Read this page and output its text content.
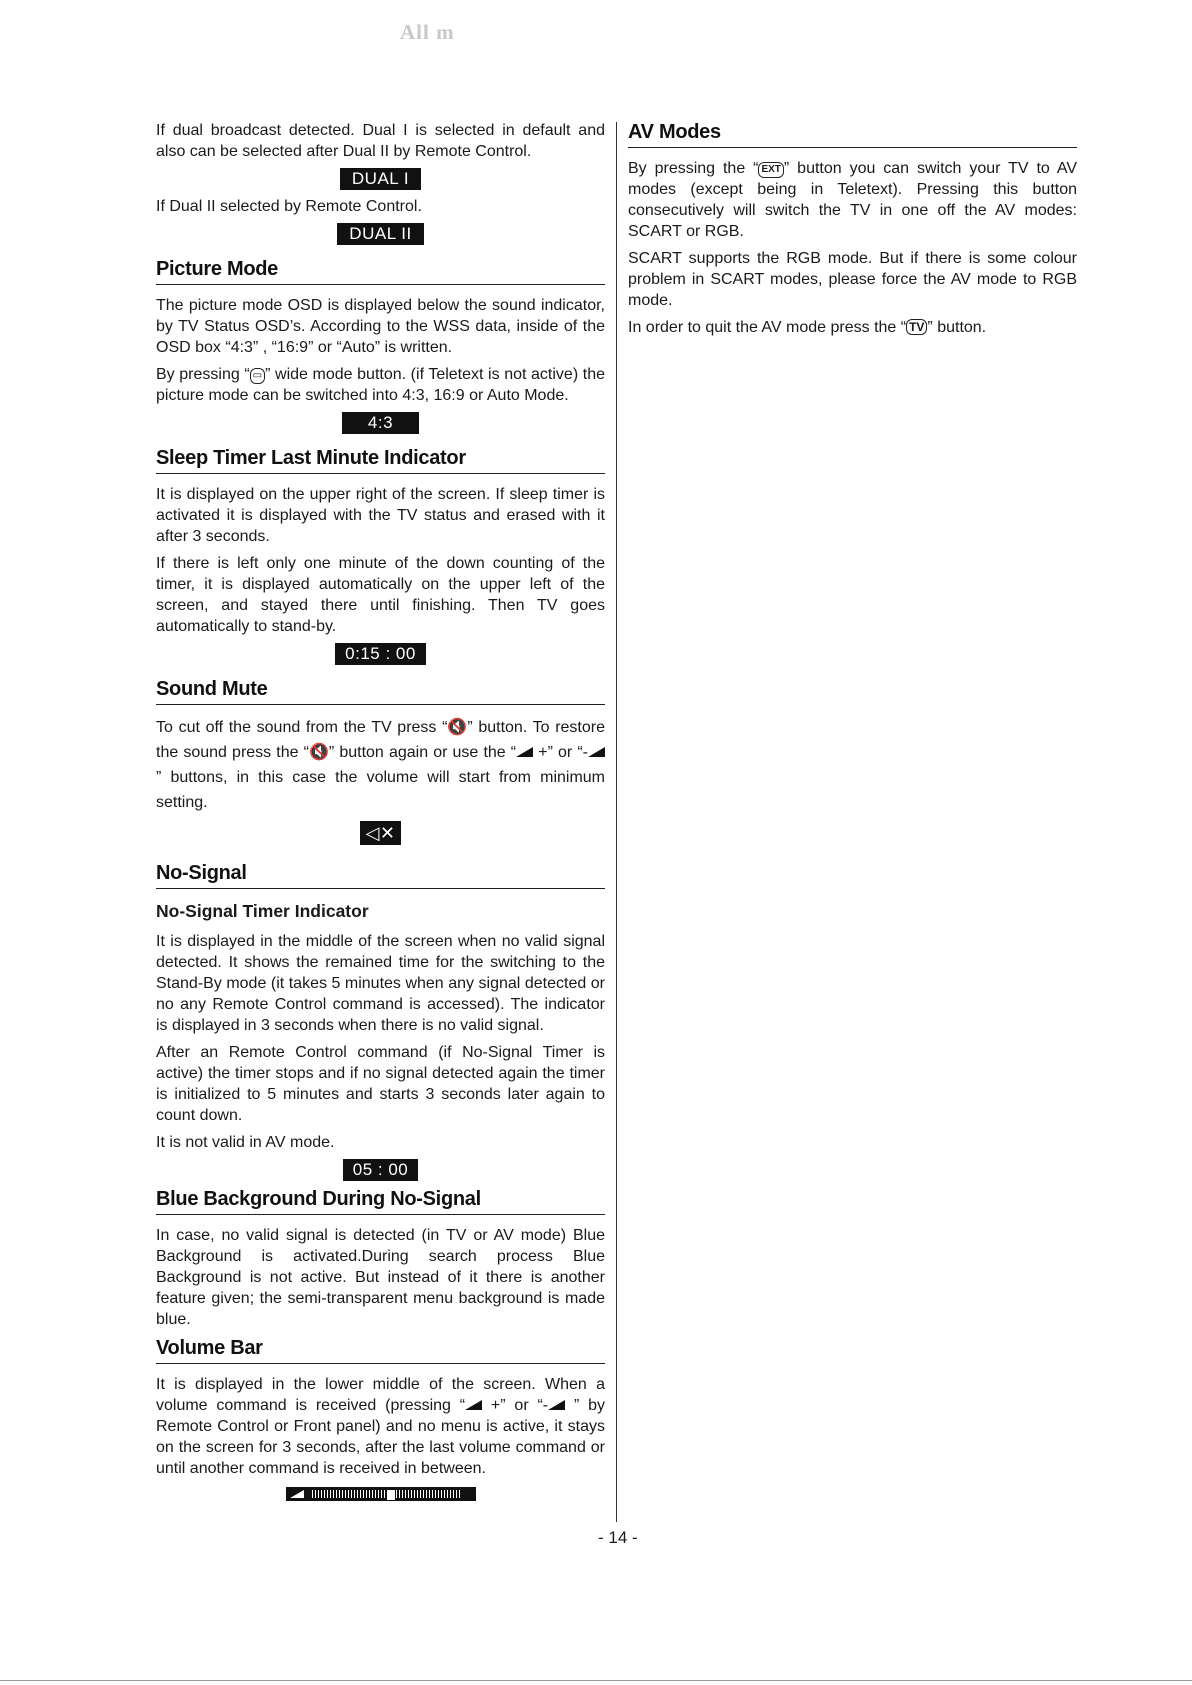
All m

If dual broadcast detected. Dual I is selected in default and also can be selected after Dual II by Remote Control.

DUAL I

If Dual II selected by Remote Control.

DUAL II
Picture Mode

The picture mode OSD is displayed below the sound indicator, by TV Status OSD’s. According to the WSS data, inside of the OSD box “4:3” , “16:9” or “Auto” is written.

By pressing “ ▭ ” wide mode button. (if Teletext is not active) the picture mode can be switched into 4:3, 16:9 or Auto Mode.

4:3
Sleep Timer Last Minute Indicator

It is displayed on the upper right of the screen. If sleep timer is activated it is displayed with the TV status and erased with it after 3 seconds.

If there is left only one minute of the down counting of the timer, it is displayed automatically on the upper left of the screen, and stayed there until finishing. Then TV goes automatically to stand-by.

0:15 : 00
Sound Mute

To cut off the sound from the TV press “🔇” button. To restore the sound press the “🔇” button again or use the “ +” or “- ” buttons, in this case the volume will start from minimum setting.

◁✕
No-Signal
No-Signal Timer Indicator

It is displayed in the middle of the screen when no valid signal detected. It shows the remained time for the switching to the Stand-By mode (it takes 5 minutes when any signal detected or no any Remote Control command is accessed). The indicator is displayed in 3 seconds when there is no valid signal.

After an Remote Control command (if No-Signal Timer is active) the timer stops and if no signal detected again the timer is initialized to 5 minutes and starts 3 seconds later again to count down.

It is not valid in AV mode.

05 : 00
Blue Background During No-Signal

In case, no valid signal is detected (in TV or AV mode) Blue Background is activated.During search process Blue Background is not active. But instead of it there is another feature given; the semi-transparent menu background is made blue.

Volume Bar

It is displayed in the lower middle of the screen. When a volume command is received (pressing “ +” or “- ” by Remote Control or Front panel) and no menu is active, it stays on the screen for 3 seconds, after the last volume command or until another command is received in between.

AV Modes

By pressing the “ EXT ” button you can switch your TV to AV modes (except being in Teletext). Pressing this button consecutively will switch the TV in one off the AV modes: SCART or RGB.

SCART supports the RGB mode. But if there is some colour problem in SCART modes, please force the AV mode to RGB mode.

In order to quit the AV mode press the “ TV ” button.

- 14 -
